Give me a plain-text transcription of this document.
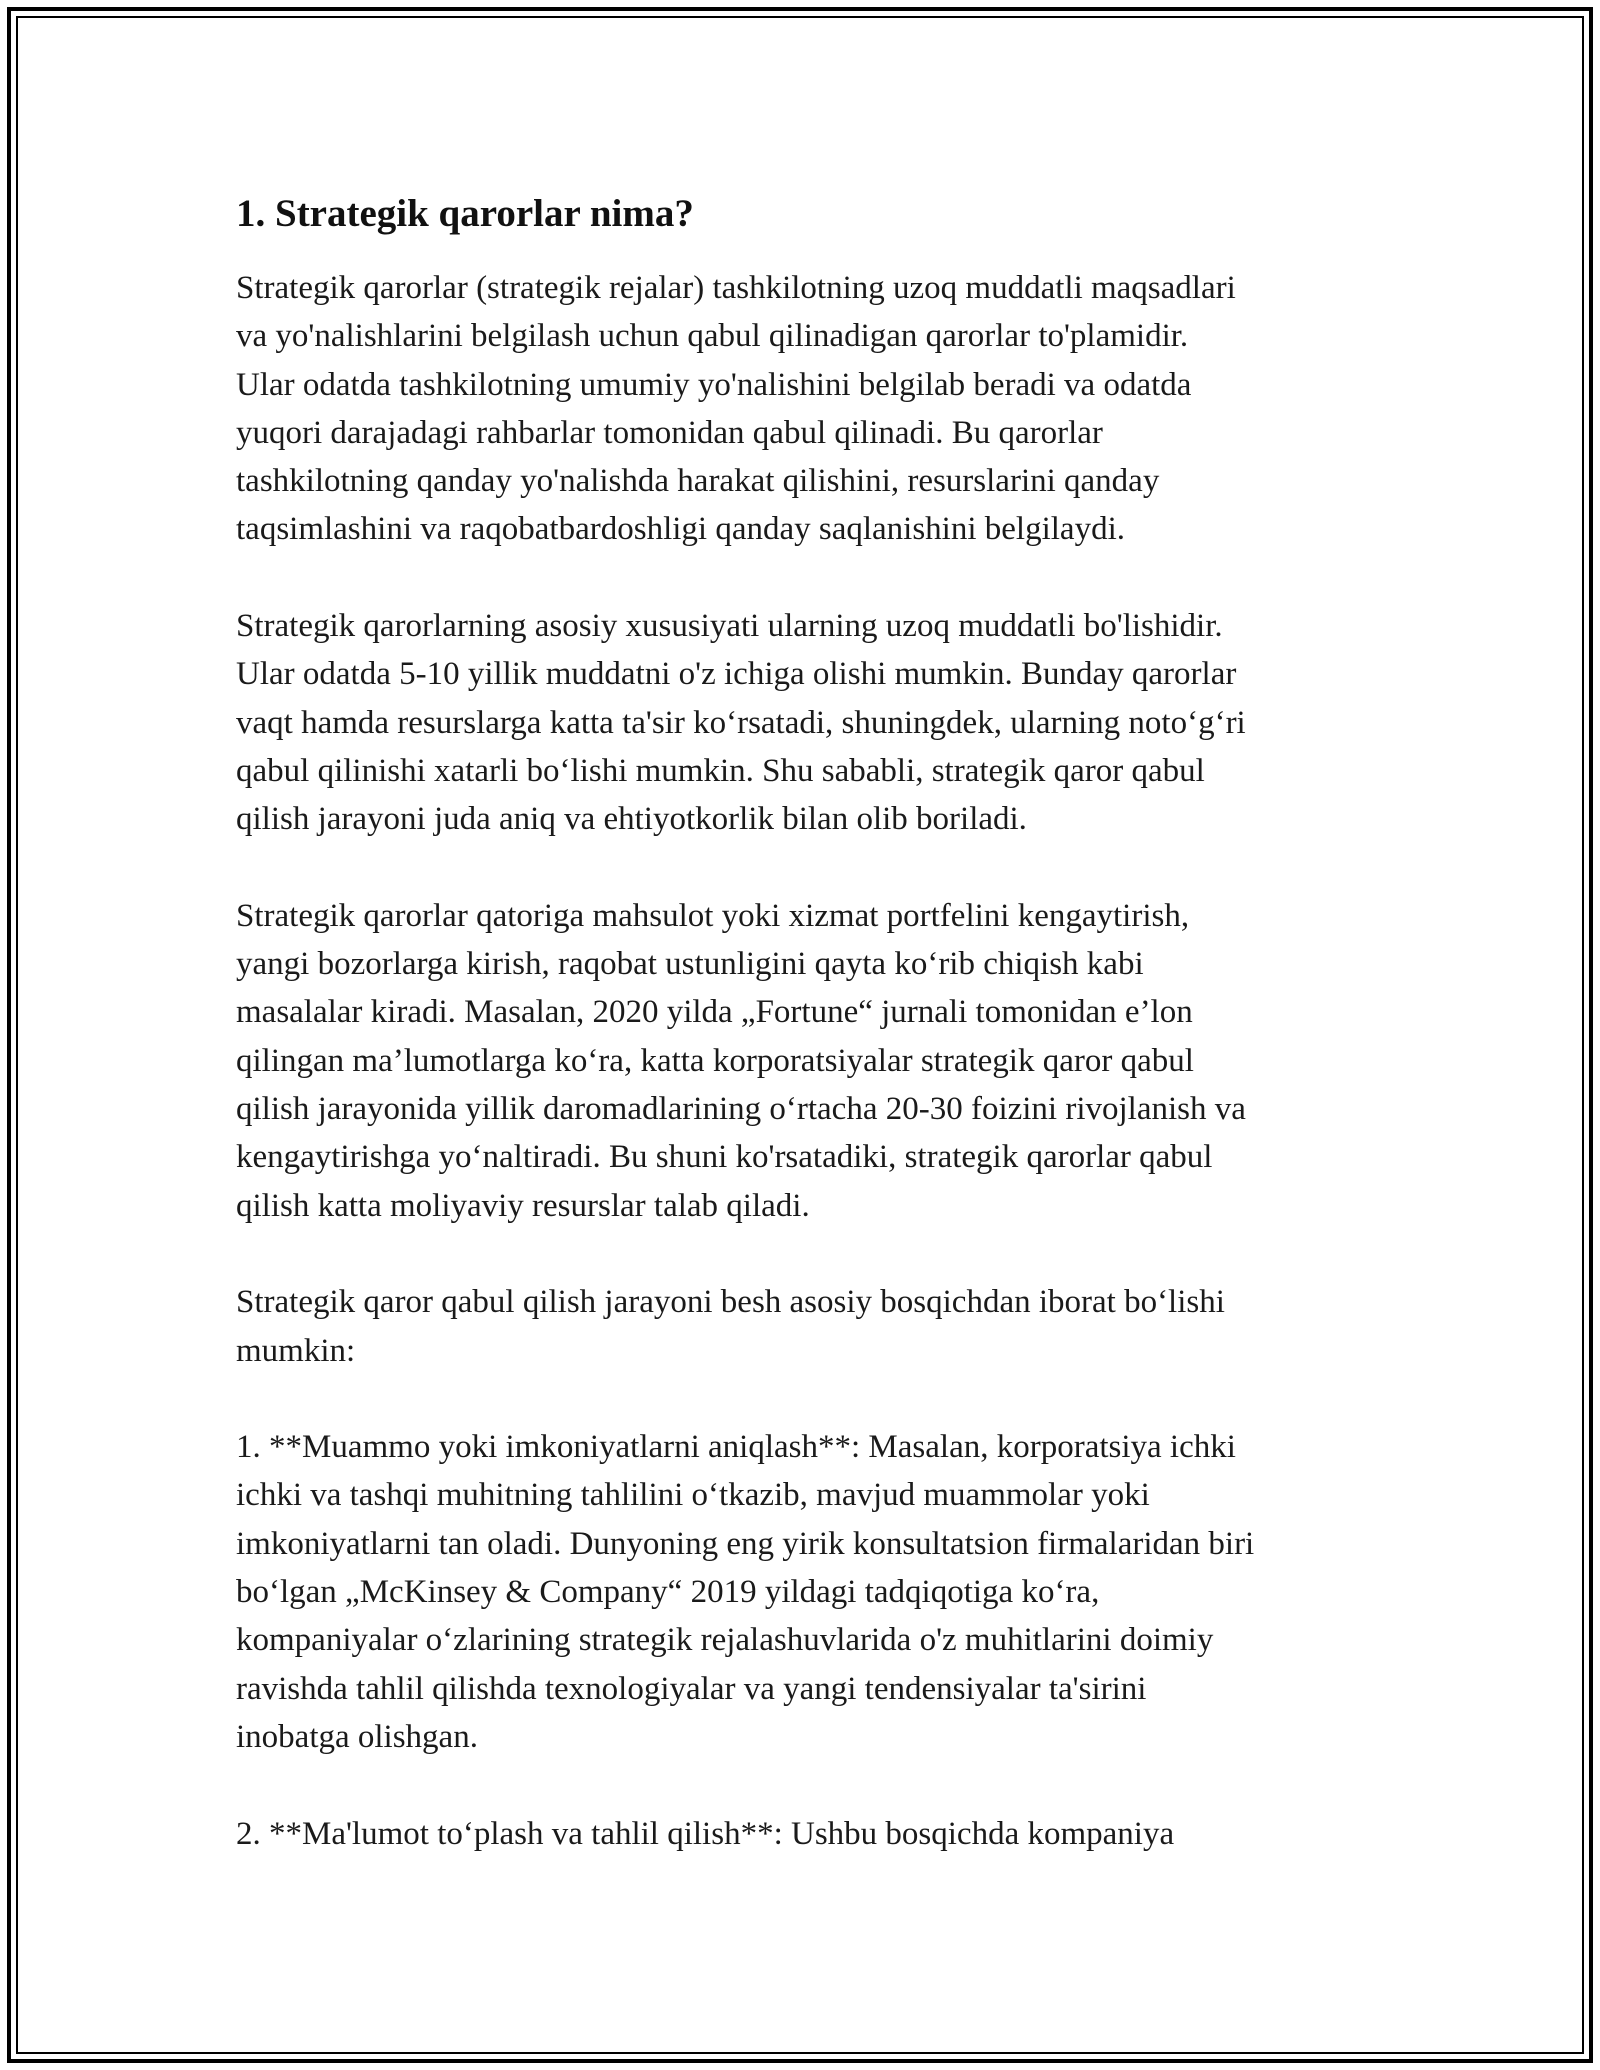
1. Strategik qarorlar nima?

Strategik qarorlar (strategik rejalar) tashkilotning uzoq muddatli maqsadlari
va yo'nalishlarini belgilash uchun qabul qilinadigan qarorlar to'plamidir.
Ular odatda tashkilotning umumiy yo'nalishini belgilab beradi va odatda
yuqori darajadagi rahbarlar tomonidan qabul qilinadi. Bu qarorlar
tashkilotning qanday yo'nalishda harakat qilishini, resurslarini qanday
taqsimlashini va raqobatbardoshligi qanday saqlanishini belgilaydi.

Strategik qarorlarning asosiy xususiyati ularning uzoq muddatli bo'lishidir.
Ular odatda 5-10 yillik muddatni o'z ichiga olishi mumkin. Bunday qarorlar
vaqt hamda resurslarga katta ta'sir ko‘rsatadi, shuningdek, ularning noto‘g‘ri
qabul qilinishi xatarli bo‘lishi mumkin. Shu sababli, strategik qaror qabul
qilish jarayoni juda aniq va ehtiyotkorlik bilan olib boriladi.

Strategik qarorlar qatoriga mahsulot yoki xizmat portfelini kengaytirish,
yangi bozorlarga kirish, raqobat ustunligini qayta ko‘rib chiqish kabi
masalalar kiradi. Masalan, 2020 yilda „Fortune“ jurnali tomonidan e’lon
qilingan ma’lumotlarga ko‘ra, katta korporatsiyalar strategik qaror qabul
qilish jarayonida yillik daromadlarining o‘rtacha 20-30 foizini rivojlanish va
kengaytirishga yo‘naltiradi. Bu shuni ko'rsatadiki, strategik qarorlar qabul
qilish katta moliyaviy resurslar talab qiladi.

Strategik qaror qabul qilish jarayoni besh asosiy bosqichdan iborat bo‘lishi
mumkin:

1. **Muammo yoki imkoniyatlarni aniqlash**: Masalan, korporatsiya ichki
ichki va tashqi muhitning tahlilini o‘tkazib, mavjud muammolar yoki
imkoniyatlarni tan oladi. Dunyoning eng yirik konsultatsion firmalaridan biri
bo‘lgan „McKinsey & Company“ 2019 yildagi tadqiqotiga ko‘ra,
kompaniyalar o‘zlarining strategik rejalashuvlarida o'z muhitlarini doimiy
ravishda tahlil qilishda texnologiyalar va yangi tendensiyalar ta'sirini
inobatga olishgan.

2. **Ma'lumot to‘plash va tahlil qilish**: Ushbu bosqichda kompaniya
